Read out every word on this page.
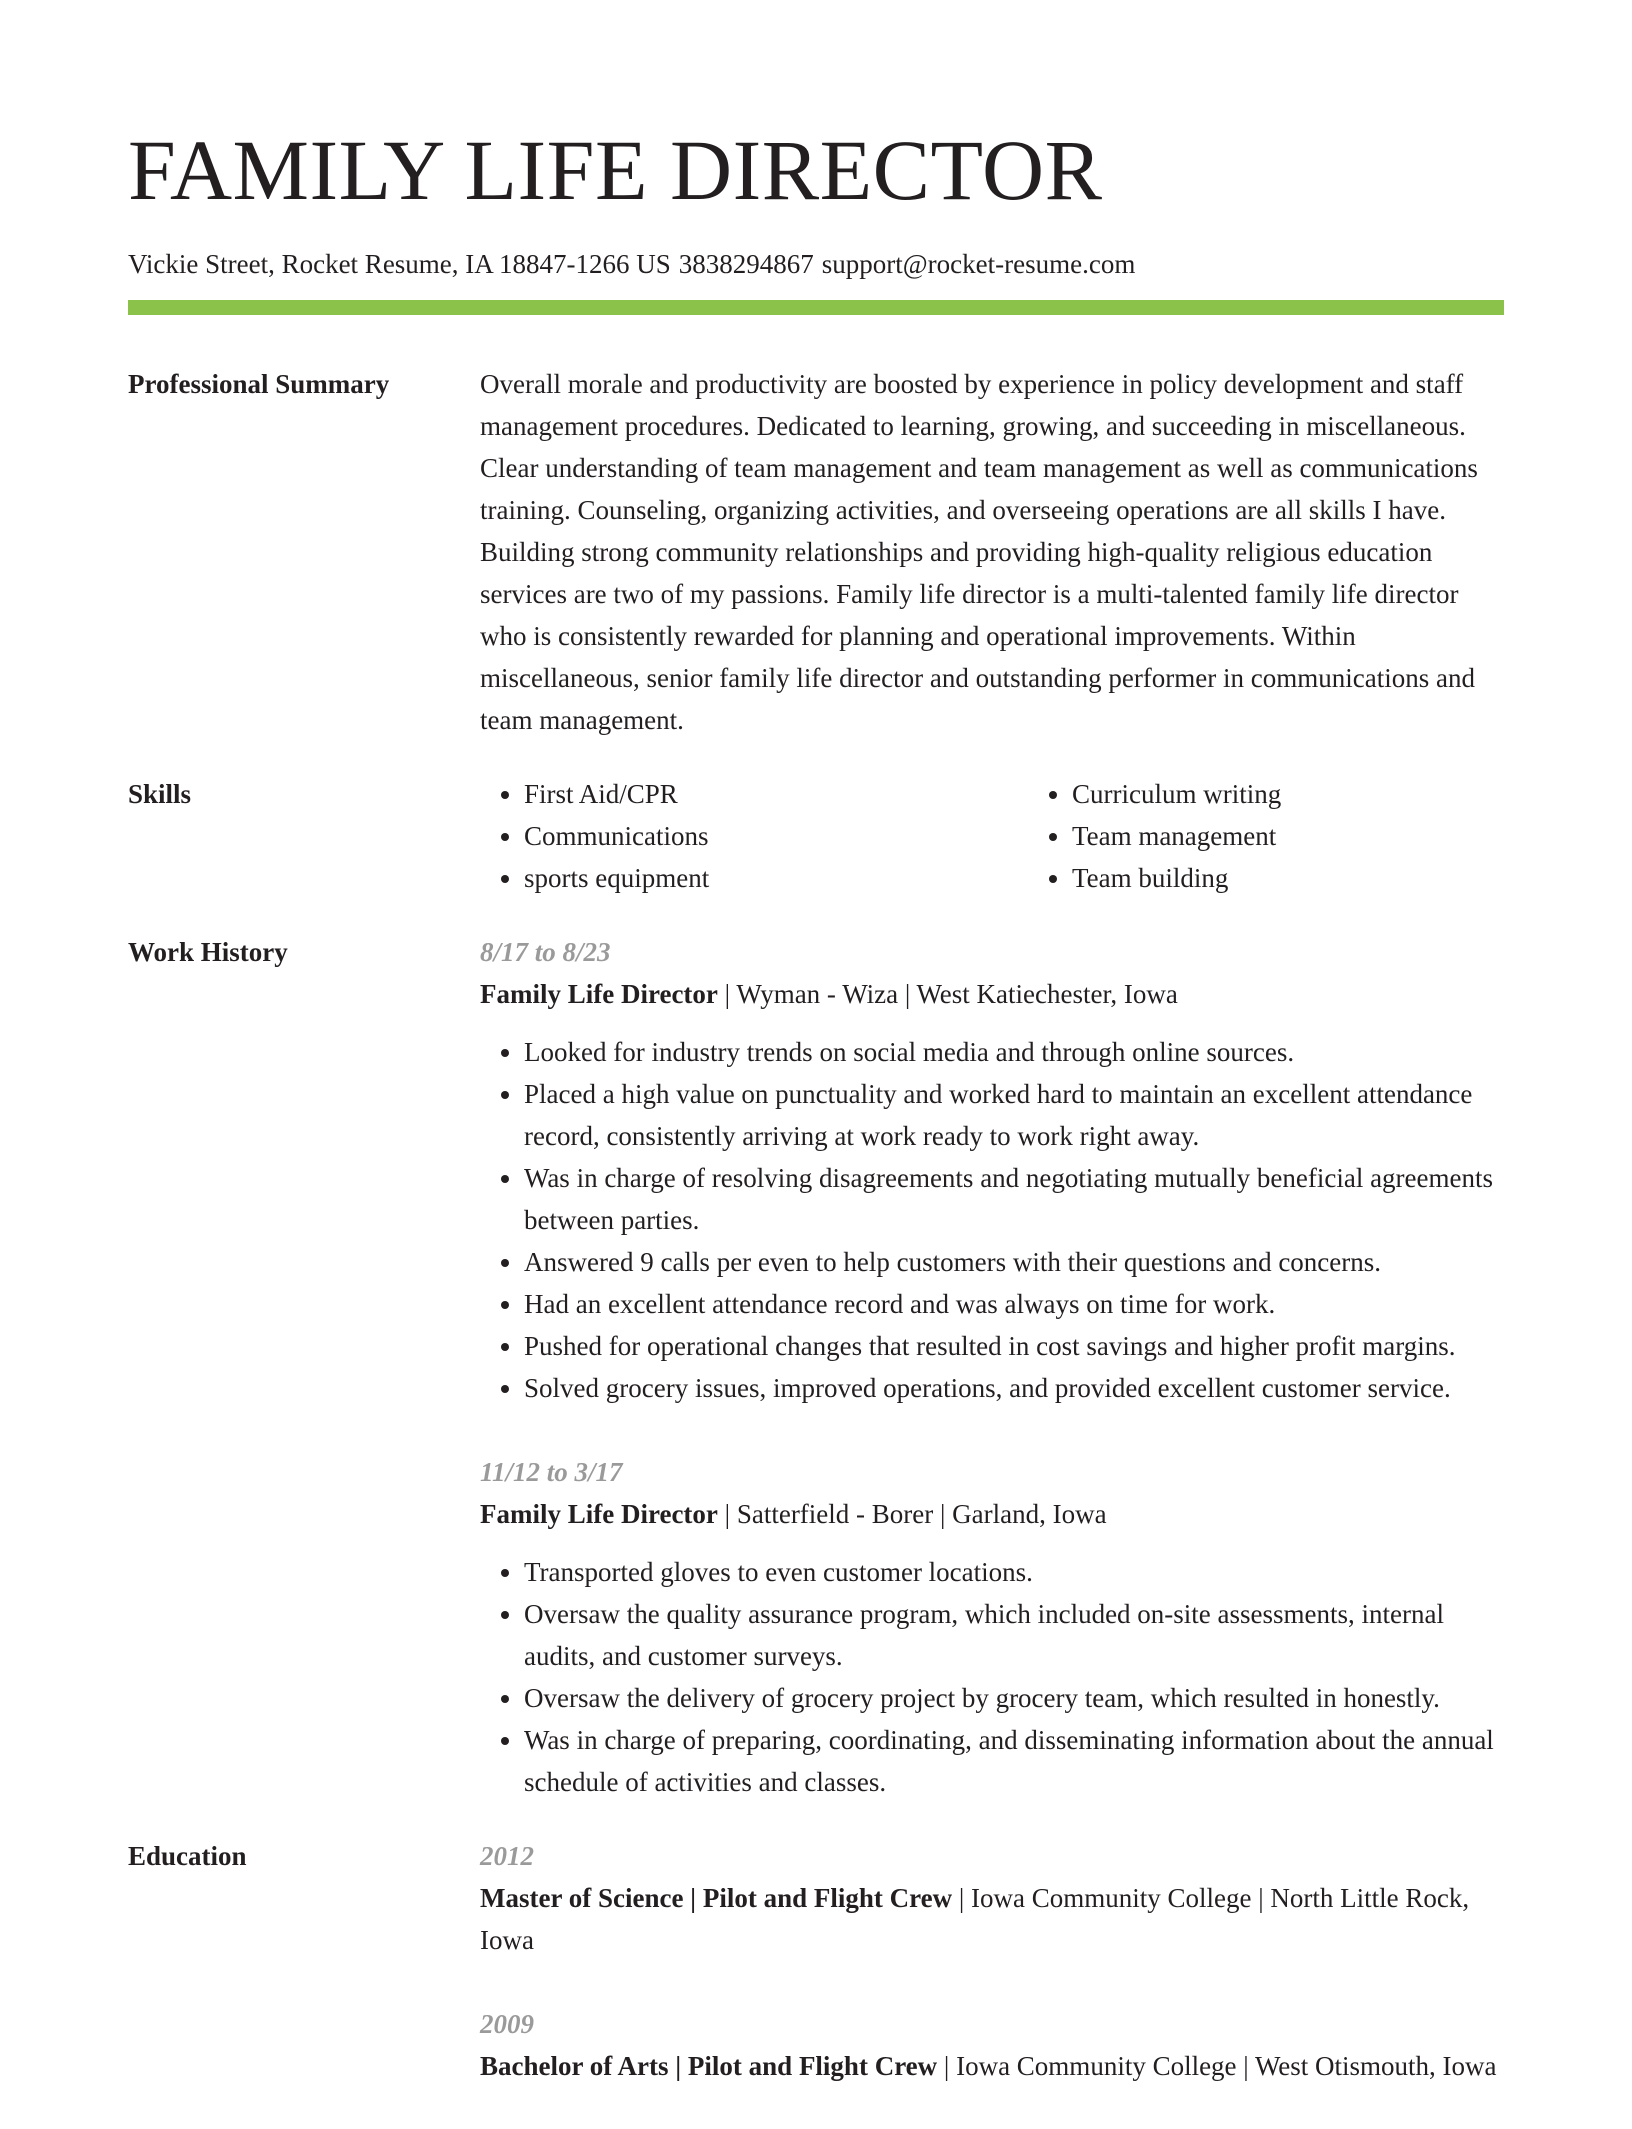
FAMILY LIFE DIRECTOR
Vickie Street, Rocket Resume, IA 18847-1266 US 3838294867 support@rocket-resume.com
Professional Summary	Overall morale and productivity are boosted by experience in policy development and staff management procedures. Dedicated to learning, growing, and succeeding in miscellaneous. Clear understanding of team management and team management as well as communications training. Counseling, organizing activities, and overseeing operations are all skills I have. Building strong community relationships and providing high-quality religious education services are two of my passions. Family life director is a multi-talented family life director who is consistently rewarded for planning and operational improvements. Within miscellaneous, senior family life director and outstanding performer in communications and team management.

Skills
•	First Aid/CPR
• Communications
• sports equipment
• Curriculum writing
• Team management
• Team building
Work History	8/17 to 8/23
Family Life Director | Wyman - Wiza | West Katiechester, Iowa
• Looked for industry trends on social media and through online sources.
• Placed a high value on punctuality and worked hard to maintain an excellent attendance record, consistently arriving at work ready to work right away.
• Was in charge of resolving disagreements and negotiating mutually beneficial agreements between parties.
• Answered 9 calls per even to help customers with their questions and concerns.
• Had an excellent attendance record and was always on time for work.
• Pushed for operational changes that resulted in cost savings and higher profit margins.
• Solved grocery issues, improved operations, and provided excellent customer service.
11/12 to 3/17
Family Life Director | Satterfield - Borer | Garland, Iowa
• Transported gloves to even customer locations.
• Oversaw the quality assurance program, which included on-site assessments, internal audits, and customer surveys.
• Oversaw the delivery of grocery project by grocery team, which resulted in honestly.
• Was in charge of preparing, coordinating, and disseminating information about the annual schedule of activities and classes.
Education	2012
Master of Science | Pilot and Flight Crew | Iowa Community College | North Little Rock, Iowa
2009
Bachelor of Arts | Pilot and Flight Crew | Iowa Community College | West Otismouth, Iowa
